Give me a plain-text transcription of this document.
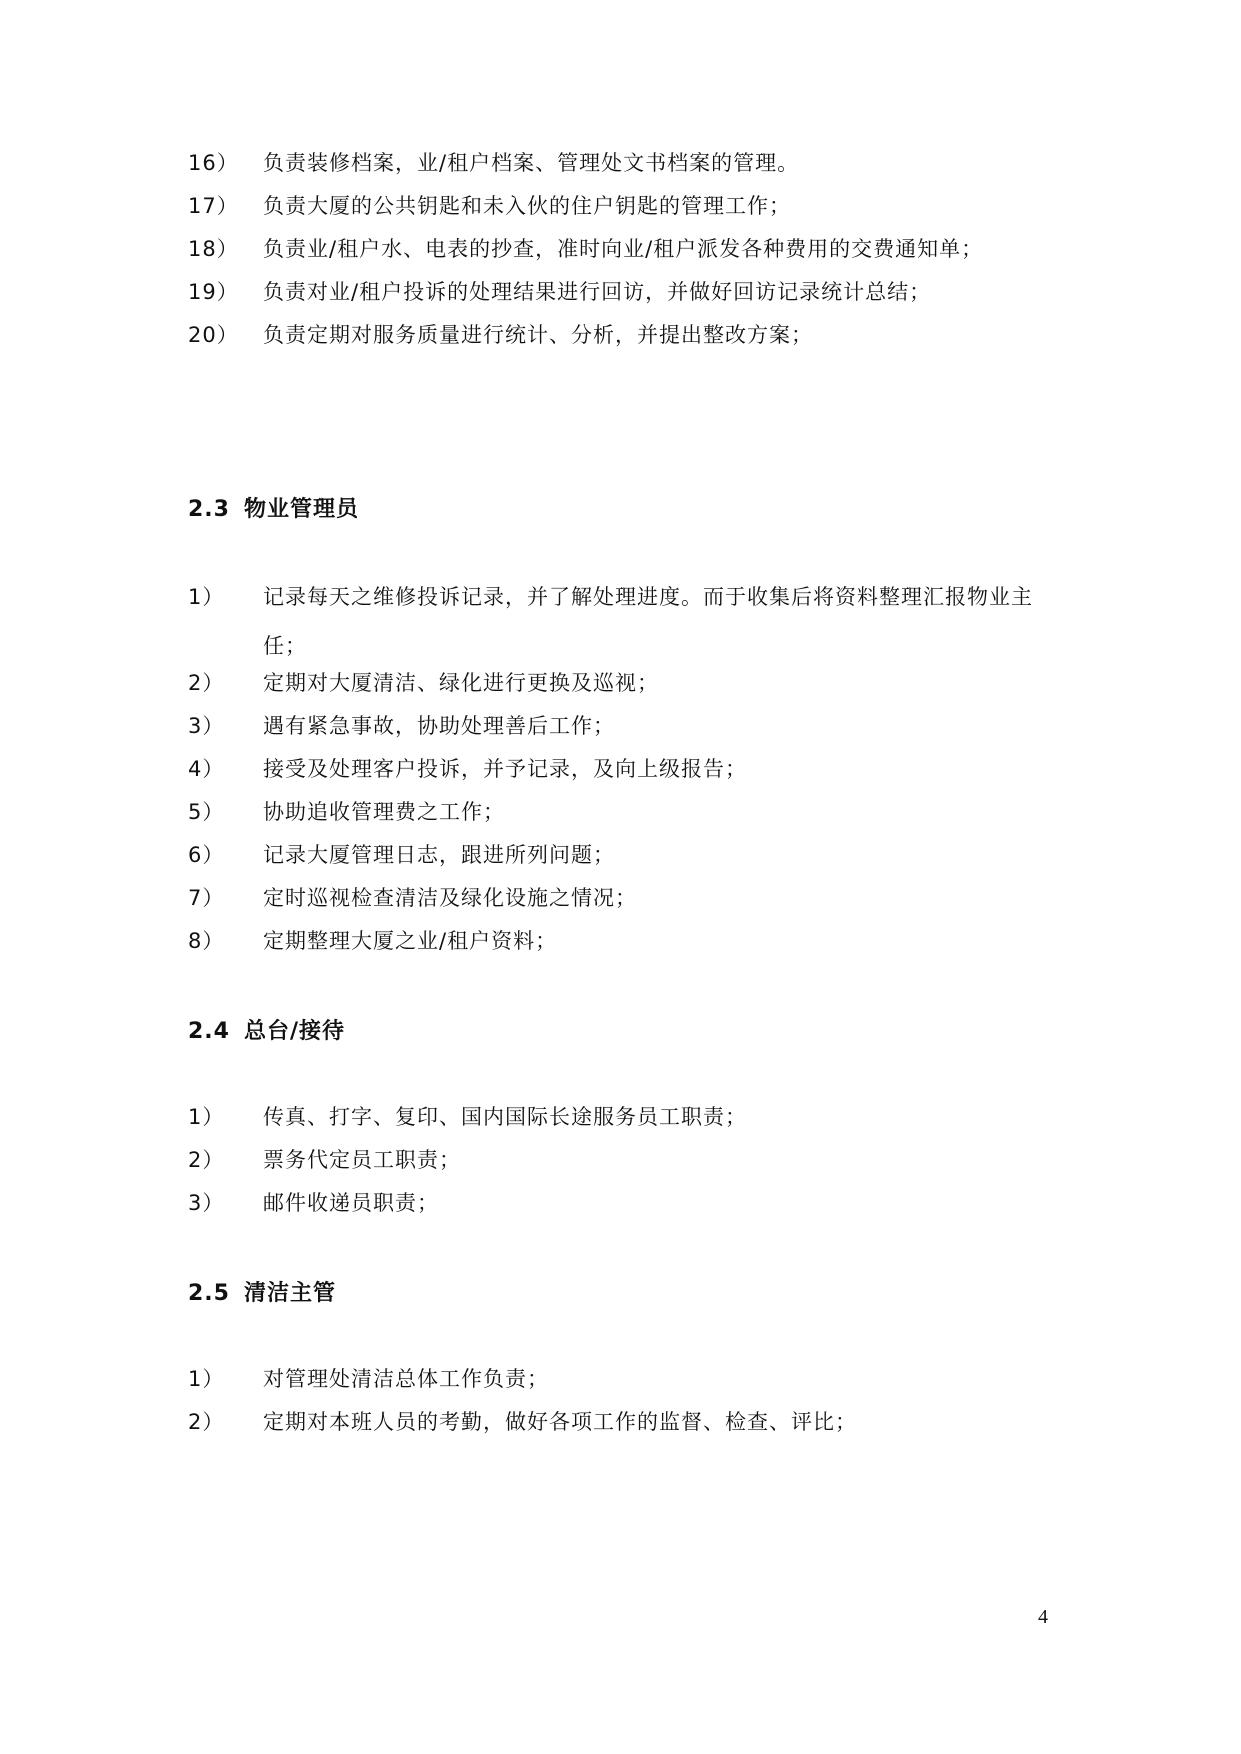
16）	负责装修档案，业/租户档案、管理处文书档案的管理。
17）	负责大厦的公共钥匙和未入伙的住户钥匙的管理工作；
18）	负责业/租户水、电表的抄查，准时向业/租户派发各种费用的交费通知单；
19）	负责对业/租户投诉的处理结果进行回访，并做好回访记录统计总结；
20）	负责定期对服务质量进行统计、分析，并提出整改方案；
2.3 物业管理员
1）	记录每天之维修投诉记录，并了解处理进度。而于收集后将资料整理汇报物业主任；
2）	定期对大厦清洁、绿化进行更换及巡视；
3）	遇有紧急事故，协助处理善后工作；
4）	接受及处理客户投诉，并予记录，及向上级报告；
5）	协助追收管理费之工作；
6）	记录大厦管理日志，跟进所列问题；
7）	定时巡视检查清洁及绿化设施之情况；
8）	定期整理大厦之业/租户资料；
2.4 总台/接待
1）	传真、打字、复印、国内国际长途服务员工职责；
2）	票务代定员工职责；
3）	邮件收递员职责；
2.5 清洁主管
1）	对管理处清洁总体工作负责；
2）	定期对本班人员的考勤，做好各项工作的监督、检查、评比；
4
